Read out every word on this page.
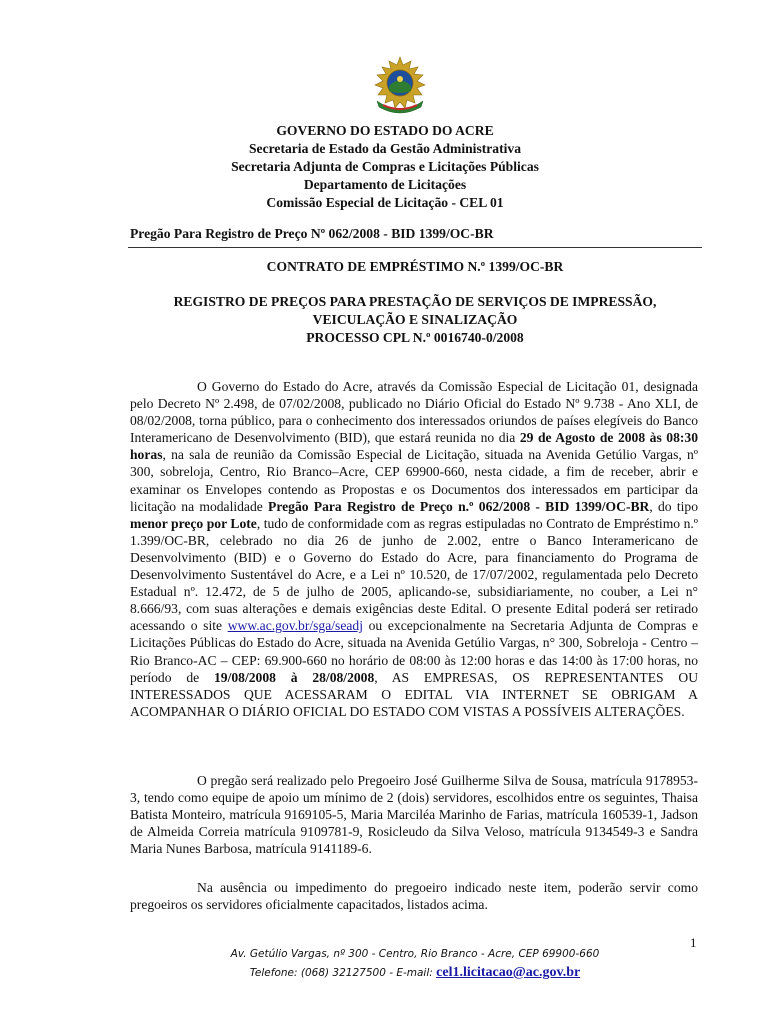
GOVERNO DO ESTADO DO ACRE
Secretaria de Estado da Gestão Administrativa
Secretaria Adjunta de Compras e Licitações Públicas
Departamento de Licitações
Comissão Especial de Licitação - CEL 01
Pregão Para Registro de Preço Nº 062/2008 - BID 1399/OC-BR
CONTRATO DE EMPRÉSTIMO N.º 1399/OC-BR
REGISTRO DE PREÇOS PARA PRESTAÇÃO DE SERVIÇOS DE IMPRESSÃO,
VEICULAÇÃO E SINALIZAÇÃO
PROCESSO CPL N.º 0016740-0/2008

O Governo do Estado do Acre, através da Comissão Especial de Licitação 01, designada pelo Decreto Nº 2.498, de 07/02/2008, publicado no Diário Oficial do Estado Nº 9.738 - Ano XLI, de 08/02/2008, torna público, para o conhecimento dos interessados oriundos de países elegíveis do Banco Interamericano de Desenvolvimento (BID), que estará reunida no dia 29 de Agosto de 2008 às 08:30 horas, na sala de reunião da Comissão Especial de Licitação, situada na Avenida Getúlio Vargas, nº 300, sobreloja, Centro, Rio Branco–Acre, CEP 69900-660, nesta cidade, a fim de receber, abrir e examinar os Envelopes contendo as Propostas e os Documentos dos interessados em participar da licitação na modalidade Pregão Para Registro de Preço n.º 062/2008 - BID 1399/OC-BR, do tipo menor preço por Lote, tudo de conformidade com as regras estipuladas no Contrato de Empréstimo n.º 1.399/OC-BR, celebrado no dia 26 de junho de 2.002, entre o Banco Interamericano de Desenvolvimento (BID) e o Governo do Estado do Acre, para financiamento do Programa de Desenvolvimento Sustentável do Acre, e a Lei nº 10.520, de 17/07/2002, regulamentada pelo Decreto Estadual nº. 12.472, de 5 de julho de 2005, aplicando-se, subsidiariamente, no couber, a Lei n° 8.666/93, com suas alterações e demais exigências deste Edital. O presente Edital poderá ser retirado acessando o site www.ac.gov.br/sga/seadj ou excepcionalmente na Secretaria Adjunta de Compras e Licitações Públicas do Estado do Acre, situada na Avenida Getúlio Vargas, n° 300, Sobreloja - Centro – Rio Branco-AC – CEP: 69.900-660 no horário de 08:00 às 12:00 horas e das 14:00 às 17:00 horas, no período de 19/08/2008 à 28/08/2008, AS EMPRESAS, OS REPRESENTANTES OU INTERESSADOS QUE ACESSARAM O EDITAL VIA INTERNET SE OBRIGAM A ACOMPANHAR O DIÁRIO OFICIAL DO ESTADO COM VISTAS A POSSÍVEIS ALTERAÇÕES.

O pregão será realizado pelo Pregoeiro José Guilherme Silva de Sousa, matrícula 9178953-3, tendo como equipe de apoio um mínimo de 2 (dois) servidores, escolhidos entre os seguintes, Thaisa Batista Monteiro, matrícula 9169105-5, Maria Marciléa Marinho de Farias, matrícula 160539-1, Jadson de Almeida Correia matrícula 9109781-9, Rosicleudo da Silva Veloso, matrícula 9134549-3 e Sandra Maria Nunes Barbosa, matrícula 9141189-6.

Na ausência ou impedimento do pregoeiro indicado neste item, poderão servir como pregoeiros os servidores oficialmente capacitados, listados acima.

1
Av. Getúlio Vargas, nº 300 - Centro, Rio Branco - Acre, CEP 69900-660
Telefone: (068) 32127500 - E-mail: cel1.licitacao@ac.gov.br
